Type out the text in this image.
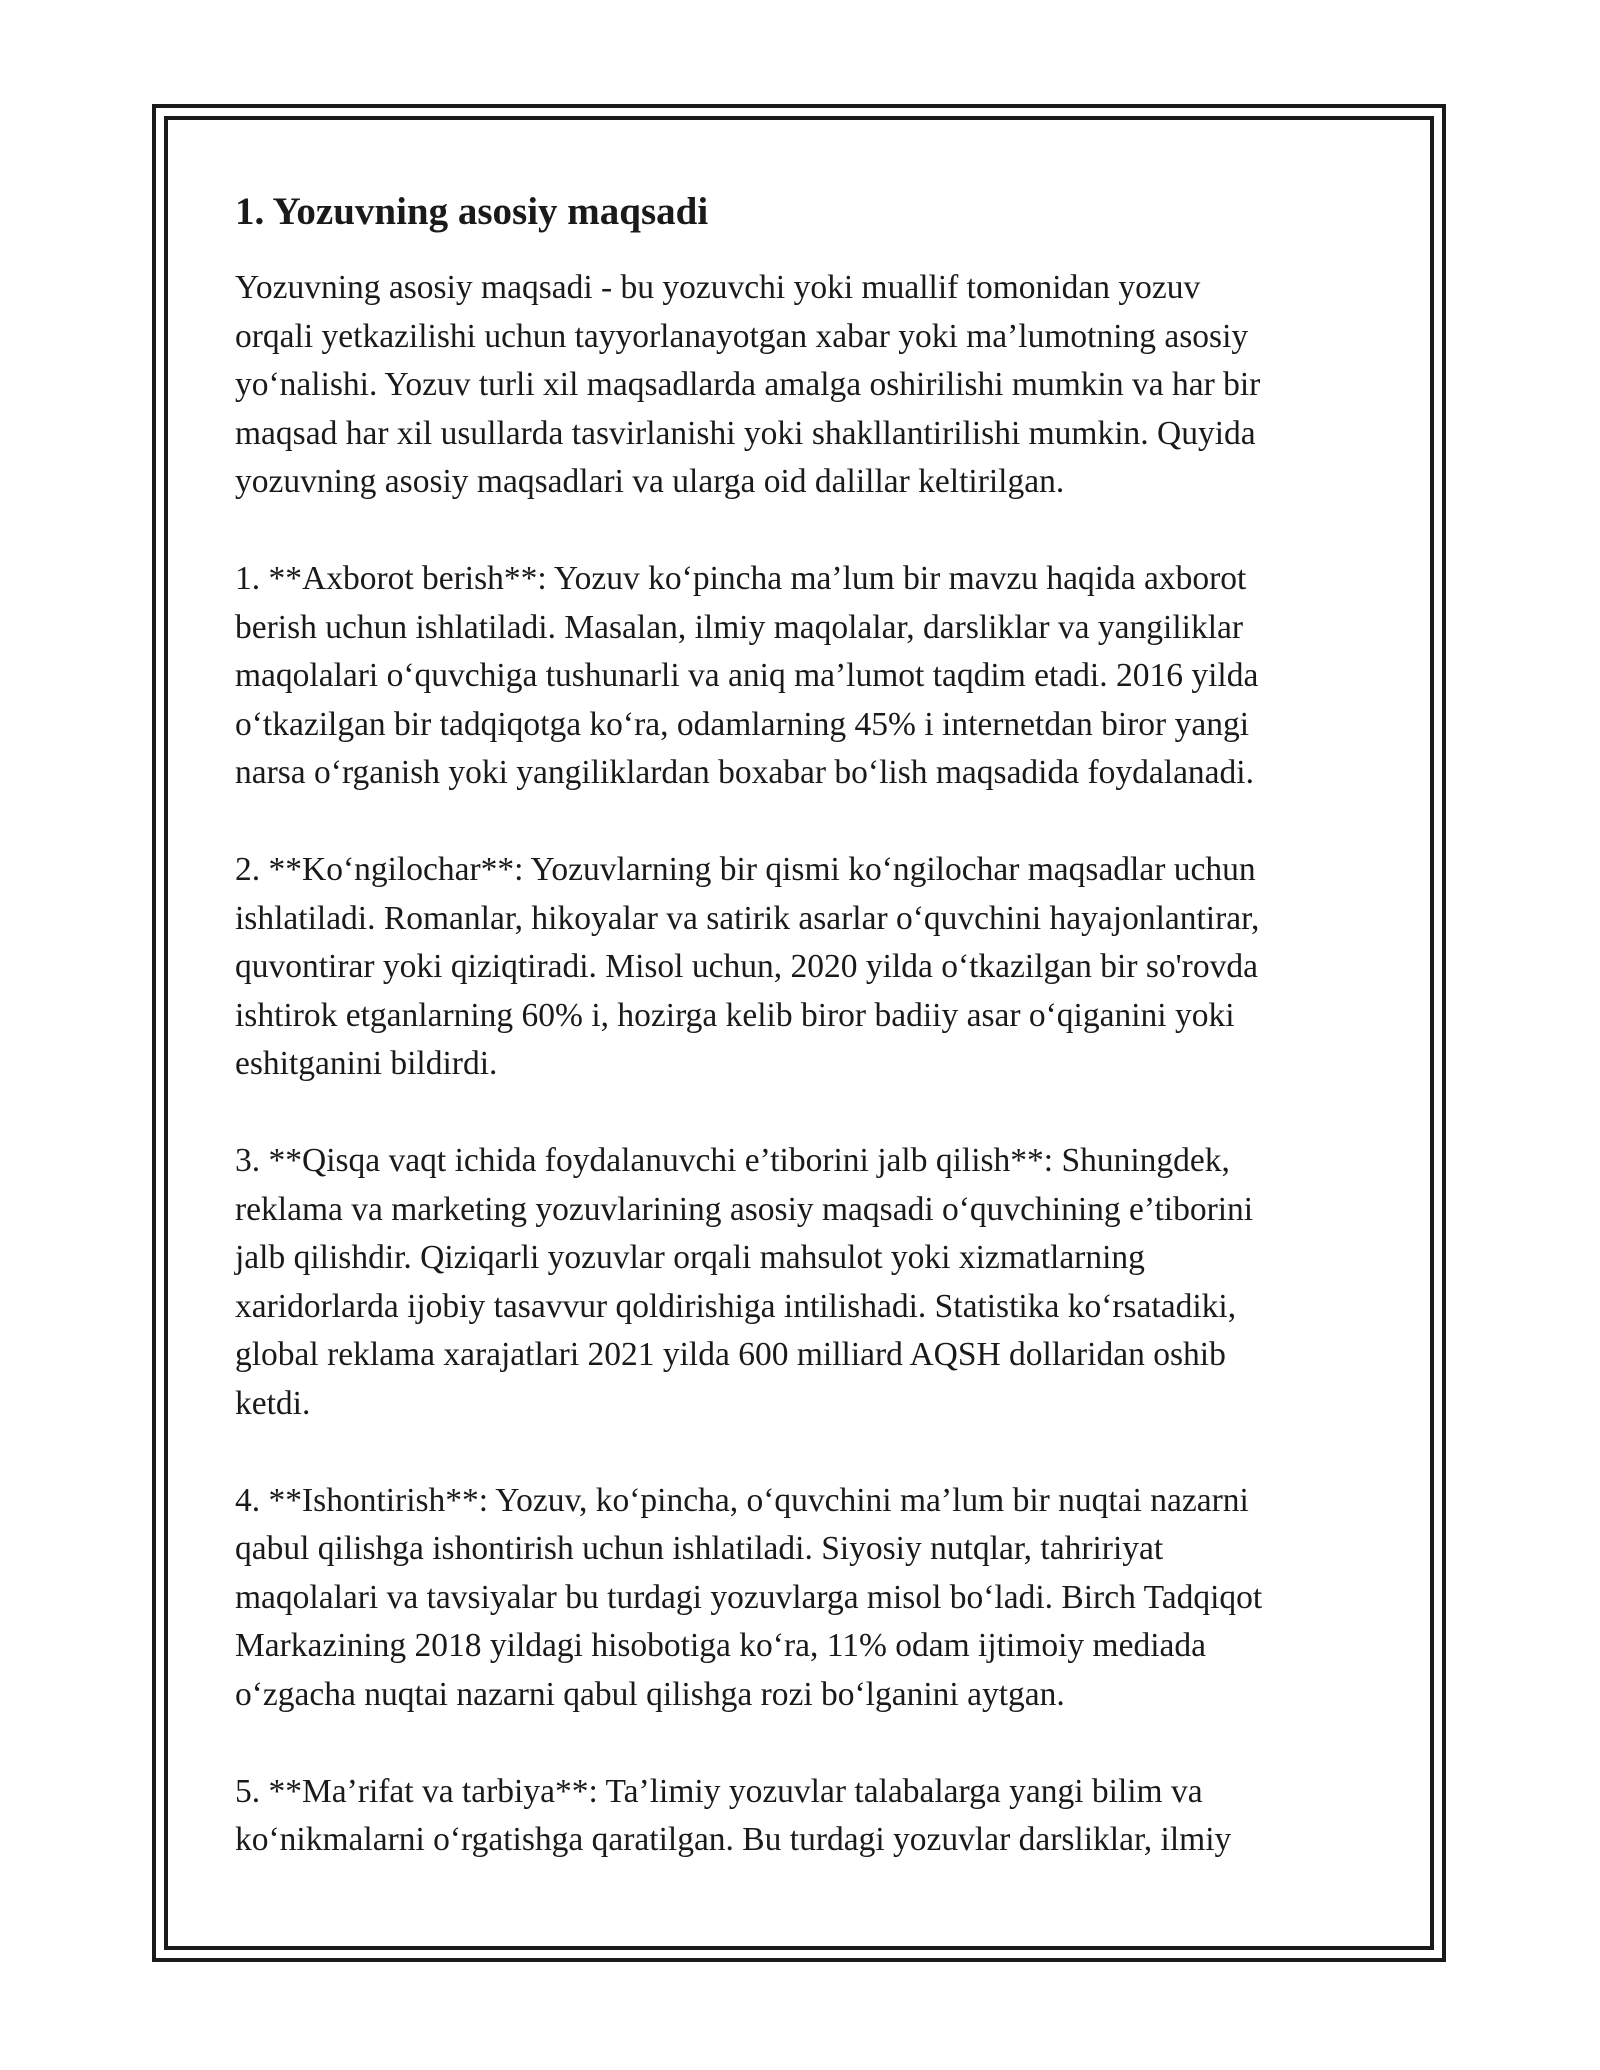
1. Yozuvning asosiy maqsadi

Yozuvning asosiy maqsadi - bu yozuvchi yoki muallif tomonidan yozuv
orqali yetkazilishi uchun tayyorlanayotgan xabar yoki ma’lumotning asosiy
yo‘nalishi. Yozuv turli xil maqsadlarda amalga oshirilishi mumkin va har bir
maqsad har xil usullarda tasvirlanishi yoki shakllantirilishi mumkin. Quyida
yozuvning asosiy maqsadlari va ularga oid dalillar keltirilgan.

1. **Axborot berish**: Yozuv ko‘pincha ma’lum bir mavzu haqida axborot
berish uchun ishlatiladi. Masalan, ilmiy maqolalar, darsliklar va yangiliklar
maqolalari o‘quvchiga tushunarli va aniq ma’lumot taqdim etadi. 2016 yilda
o‘tkazilgan bir tadqiqotga ko‘ra, odamlarning 45% i internetdan biror yangi
narsa o‘rganish yoki yangiliklardan boxabar bo‘lish maqsadida foydalanadi.

2. **Ko‘ngilochar**: Yozuvlarning bir qismi ko‘ngilochar maqsadlar uchun
ishlatiladi. Romanlar, hikoyalar va satirik asarlar o‘quvchini hayajonlantirar,
quvontirar yoki qiziqtiradi. Misol uchun, 2020 yilda o‘tkazilgan bir so'rovda
ishtirok etganlarning 60% i, hozirga kelib biror badiiy asar o‘qiganini yoki
eshitganini bildirdi.

3. **Qisqa vaqt ichida foydalanuvchi e’tiborini jalb qilish**: Shuningdek,
reklama va marketing yozuvlarining asosiy maqsadi o‘quvchining e’tiborini
jalb qilishdir. Qiziqarli yozuvlar orqali mahsulot yoki xizmatlarning
xaridorlarda ijobiy tasavvur qoldirishiga intilishadi. Statistika ko‘rsatadiki,
global reklama xarajatlari 2021 yilda 600 milliard AQSH dollaridan oshib
ketdi.

4. **Ishontirish**: Yozuv, ko‘pincha, o‘quvchini ma’lum bir nuqtai nazarni
qabul qilishga ishontirish uchun ishlatiladi. Siyosiy nutqlar, tahririyat
maqolalari va tavsiyalar bu turdagi yozuvlarga misol bo‘ladi. Birch Tadqiqot
Markazining 2018 yildagi hisobotiga ko‘ra, 11% odam ijtimoiy mediada
o‘zgacha nuqtai nazarni qabul qilishga rozi bo‘lganini aytgan.

5. **Ma’rifat va tarbiya**: Ta’limiy yozuvlar talabalarga yangi bilim va
ko‘nikmalarni o‘rgatishga qaratilgan. Bu turdagi yozuvlar darsliklar, ilmiy
